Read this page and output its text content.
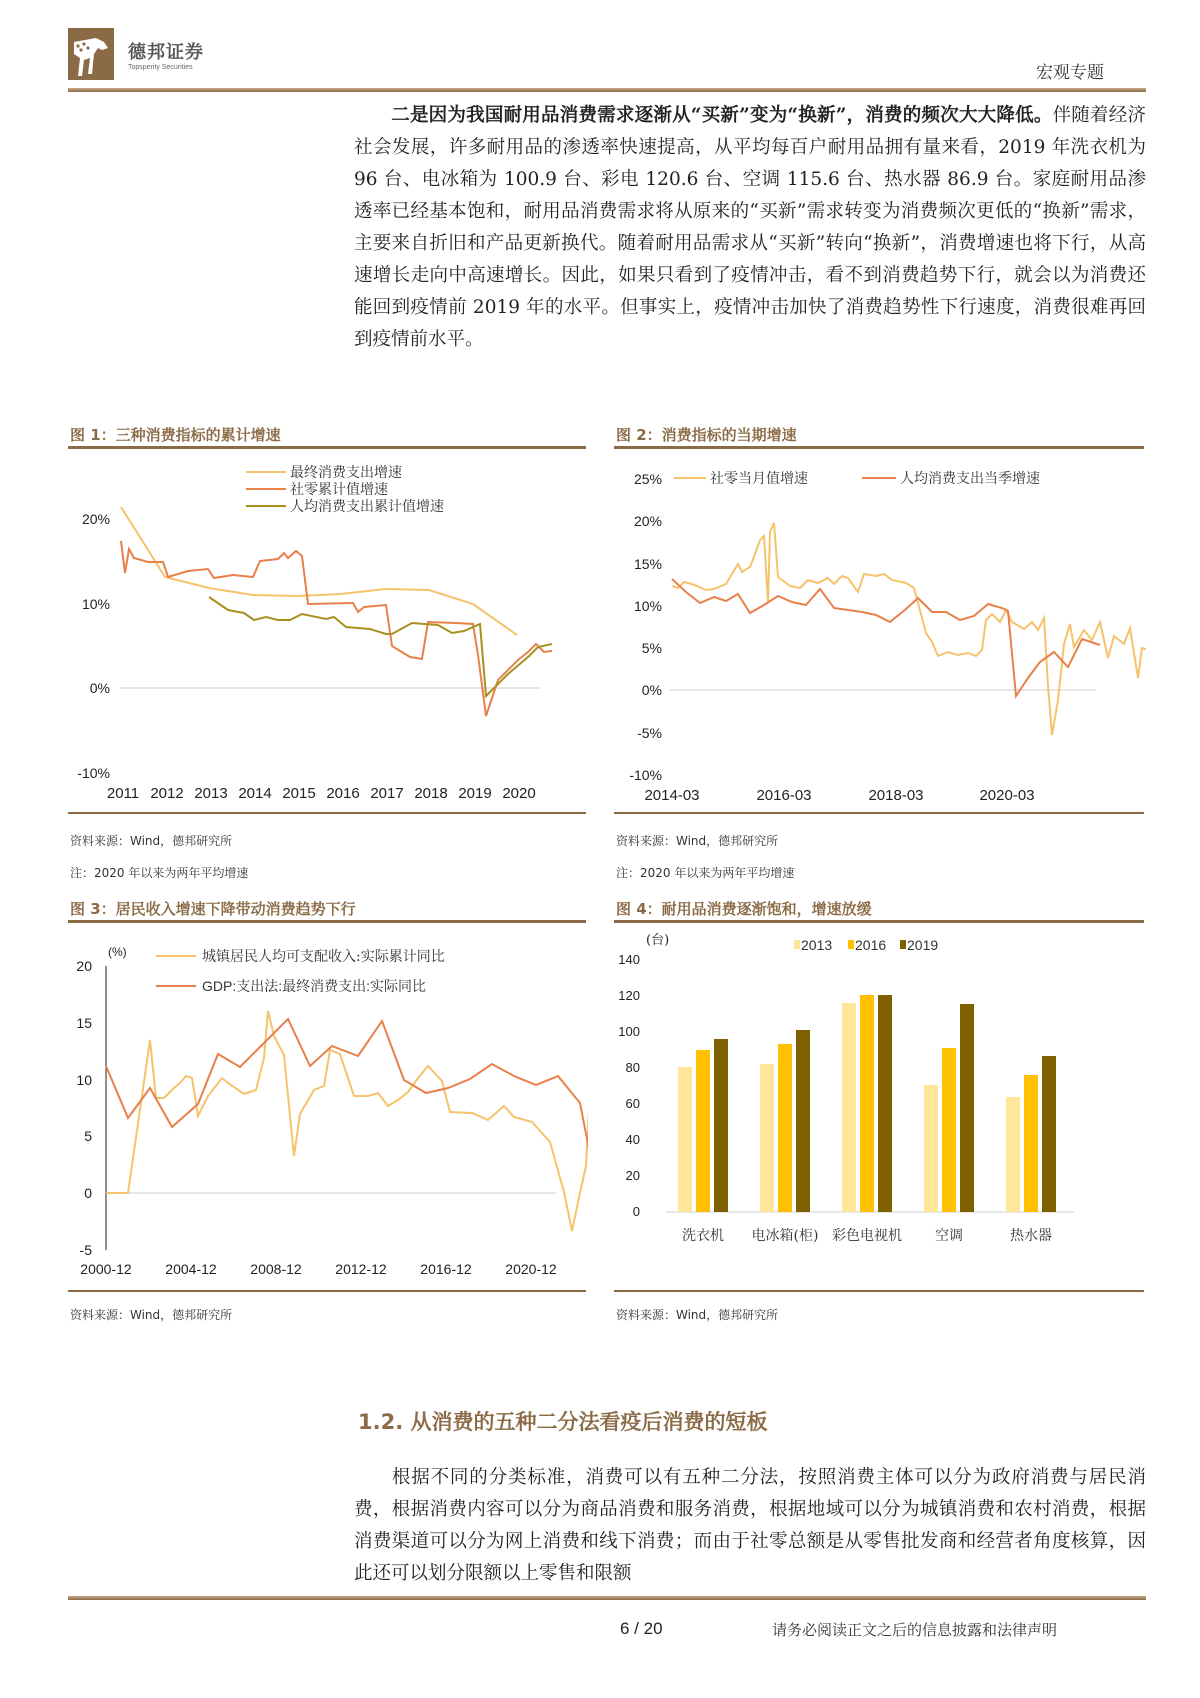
德邦证券
Topsperity Securities	宏观专题
二是因为我国耐用品消费需求逐渐从“买新”变为“换新”，消费的频次大大降低。伴随着经济社会发展，许多耐用品的渗透率快速提高，从平均每百户耐用品拥有量来看，2019 年洗衣机为 96 台、电冰箱为 100.9 台、彩电 120.6 台、空调 115.6 台、热水器 86.9 台。家庭耐用品渗透率已经基本饱和，耐用品消费需求将从原来的“买新”需求转变为消费频次更低的“换新”需求，主要来自折旧和产品更新换代。随着耐用品需求从“买新”转向“换新”，消费增速也将下行，从高速增长走向中高速增长。因此，如果只看到了疫情冲击，看不到消费趋势下行，就会以为消费还能回到疫情前 2019 年的水平。但事实上，疫情冲击加快了消费趋势性下行速度，消费很难再回到疫情前水平。
图 1：三种消费指标的累计增速
最终消费支出增速
社零累计值增速
人均消费支出累计值增速
20%
10%
0%
-10%
2011 2012 2013 2014 2015 2016 2017 2018 2019 2020
资料来源：Wind，德邦研究所
注：2020 年以来为两年平均增速
图 2：消费指标的当期增速
社零当月值增速	人均消费支出当季增速
25%
20%
15%
10%
5%
0%
-5%
-10%
2014-03	2016-03	2018-03	2020-03
资料来源：Wind，德邦研究所
注：2020 年以来为两年平均增速
图 3：居民收入增速下降带动消费趋势下行
(%)	城镇居民人均可支配收入:实际累计同比
GDP:支出法:最终消费支出:实际同比
20
15
10
5
0
-5
2000-12 2004-12 2008-12 2012-12 2016-12 2020-12
资料来源：Wind，德邦研究所
图 4：耐用品消费逐渐饱和，增速放缓
(台)	2013 2016 2019
0
20
40
60
80
100
120
140
洗衣机 电冰箱(柜) 彩色电视机 空调	热水器
资料来源：Wind，德邦研究所
1.2. 从消费的五种二分法看疫后消费的短板
根据不同的分类标准，消费可以有五种二分法，按照消费主体可以分为政府消费与居民消费，根据消费内容可以分为商品消费和服务消费，根据地域可以分为城镇消费和农村消费，根据消费渠道可以分为网上消费和线下消费；而由于社零总额是从零售批发商和经营者角度核算，因此还可以划分限额以上零售和限额
6 / 20	请务必阅读正文之后的信息披露和法律声明
